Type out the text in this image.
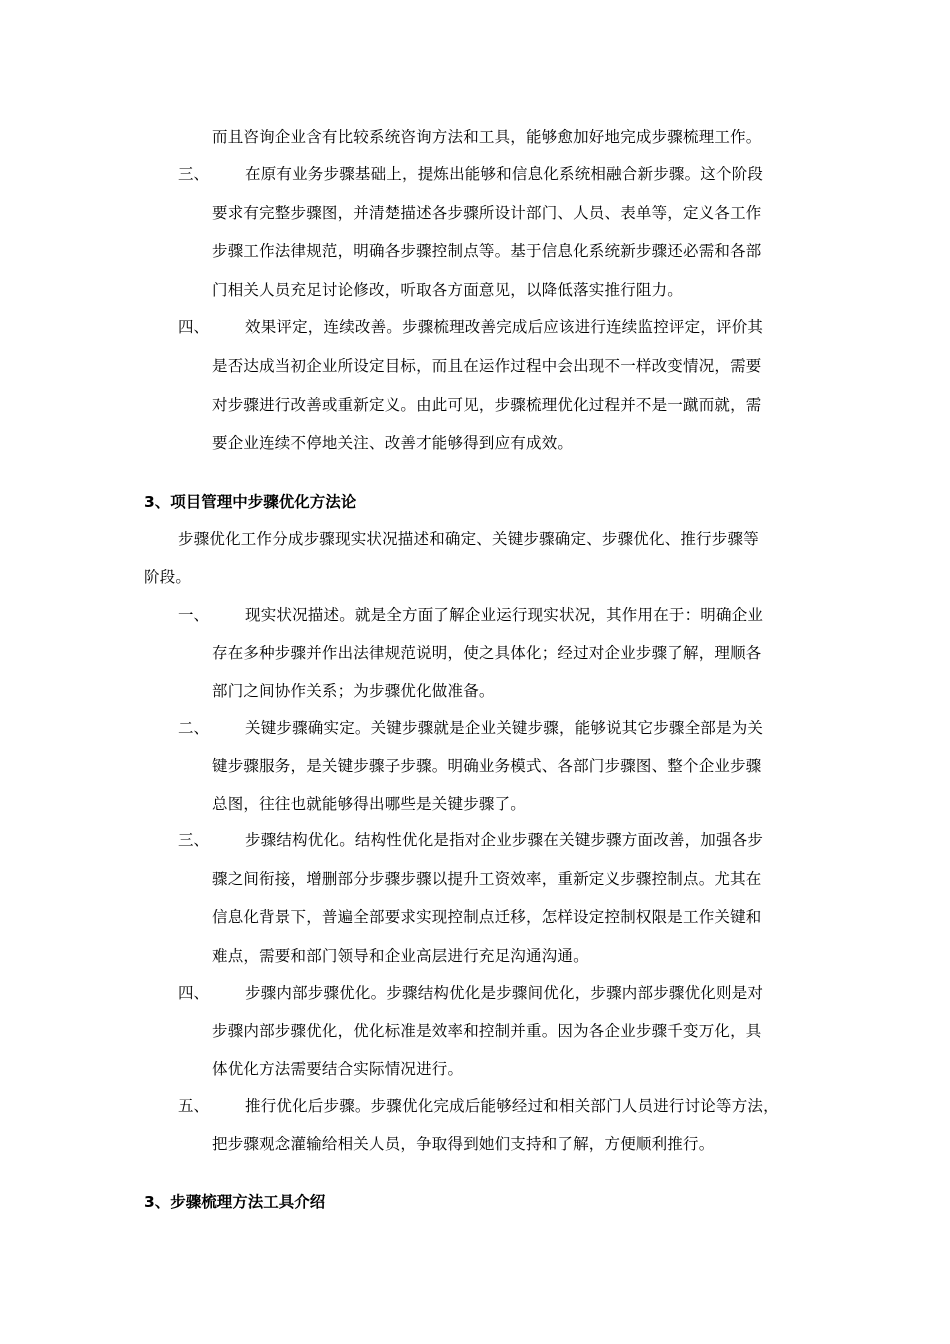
而且咨询企业含有比较系统咨询方法和工具，能够愈加好地完成步骤梳理工作。
三、 在原有业务步骤基础上，提炼出能够和信息化系统相融合新步骤。这个阶段
要求有完整步骤图，并清楚描述各步骤所设计部门、人员、表单等，定义各工作
步骤工作法律规范，明确各步骤控制点等。基于信息化系统新步骤还必需和各部
门相关人员充足讨论修改，听取各方面意见，以降低落实推行阻力。
四、 效果评定，连续改善。步骤梳理改善完成后应该进行连续监控评定，评价其
是否达成当初企业所设定目标，而且在运作过程中会出现不一样改变情况，需要
对步骤进行改善或重新定义。由此可见，步骤梳理优化过程并不是一蹴而就，需
要企业连续不停地关注、改善才能够得到应有成效。
3、项目管理中步骤优化方法论
步骤优化工作分成步骤现实状况描述和确定、关键步骤确定、步骤优化、推行步骤等
阶段。
一、 现实状况描述。就是全方面了解企业运行现实状况，其作用在于：明确企业
存在多种步骤并作出法律规范说明，使之具体化；经过对企业步骤了解，理顺各
部门之间协作关系；为步骤优化做准备。
二、 关键步骤确实定。关键步骤就是企业关键步骤，能够说其它步骤全部是为关
键步骤服务，是关键步骤子步骤。明确业务模式、各部门步骤图、整个企业步骤
总图，往往也就能够得出哪些是关键步骤了。
三、 步骤结构优化。结构性优化是指对企业步骤在关键步骤方面改善，加强各步
骤之间衔接，增删部分步骤步骤以提升工资效率，重新定义步骤控制点。尤其在
信息化背景下，普遍全部要求实现控制点迁移，怎样设定控制权限是工作关键和
难点，需要和部门领导和企业高层进行充足沟通沟通。
四、 步骤内部步骤优化。步骤结构优化是步骤间优化，步骤内部步骤优化则是对
步骤内部步骤优化，优化标准是效率和控制并重。因为各企业步骤千变万化，具
体优化方法需要结合实际情况进行。
五、 推行优化后步骤。步骤优化完成后能够经过和相关部门人员进行讨论等方法，
把步骤观念灌输给相关人员，争取得到她们支持和了解，方便顺利推行。
3、步骤梳理方法工具介绍
